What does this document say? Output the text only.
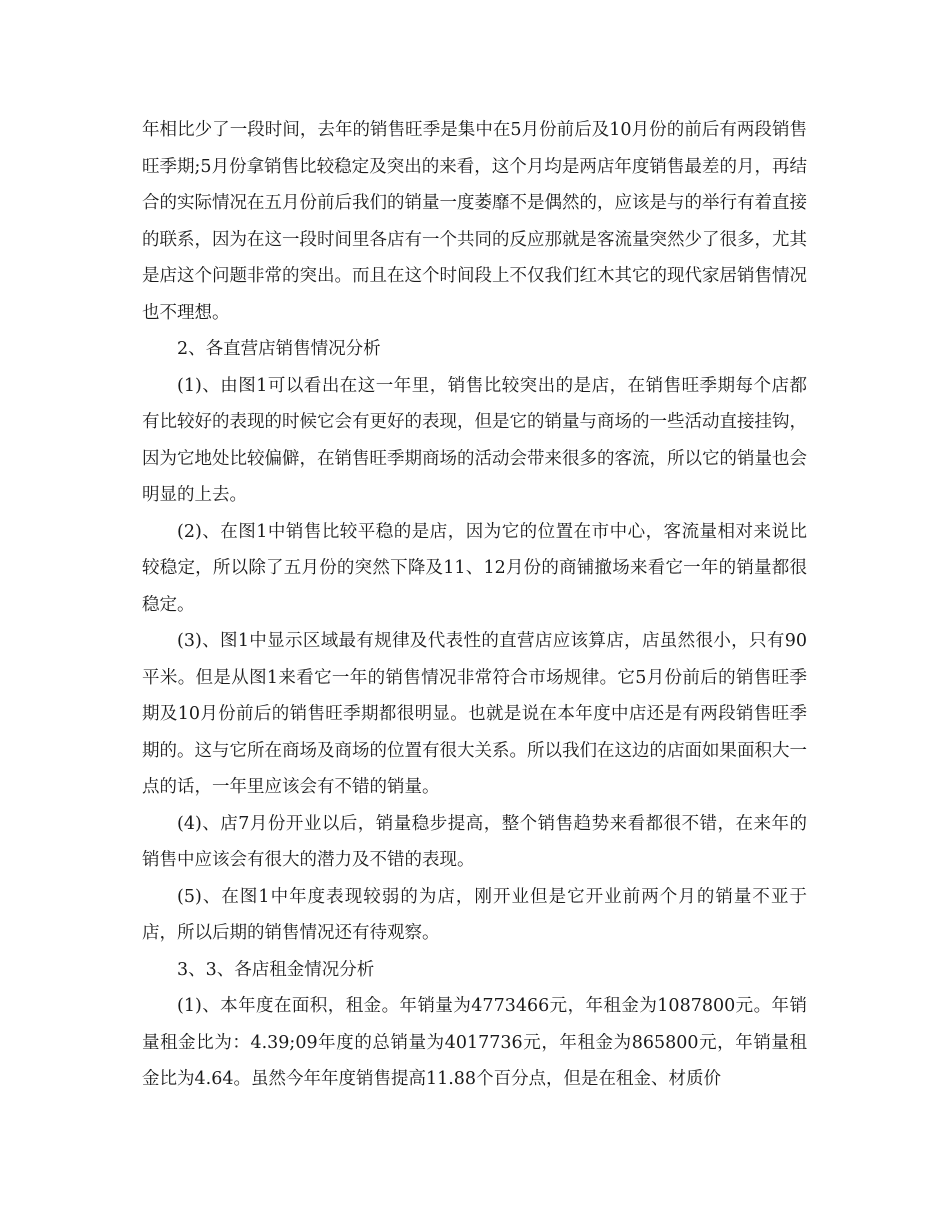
年相比少了一段时间，去年的销售旺季是集中在5月份前后及10月份的前后有两段销售旺季期;5月份拿销售比较稳定及突出的来看，这个月均是两店年度销售最差的月，再结合的实际情况在五月份前后我们的销量一度萎靡不是偶然的，应该是与的举行有着直接的联系，因为在这一段时间里各店有一个共同的反应那就是客流量突然少了很多，尤其是店这个问题非常的突出。而且在这个时间段上不仅我们红木其它的现代家居销售情况也不理想。

2、各直营店销售情况分析

(1)、由图1可以看出在这一年里，销售比较突出的是店，在销售旺季期每个店都有比较好的表现的时候它会有更好的表现，但是它的销量与商场的一些活动直接挂钩，因为它地处比较偏僻，在销售旺季期商场的活动会带来很多的客流，所以它的销量也会明显的上去。

(2)、在图1中销售比较平稳的是店，因为它的位置在市中心，客流量相对来说比较稳定，所以除了五月份的突然下降及11、12月份的商铺撤场来看它一年的销量都很稳定。

(3)、图1中显示区域最有规律及代表性的直营店应该算店，店虽然很小，只有90平米。但是从图1来看它一年的销售情况非常符合市场规律。它5月份前后的销售旺季期及10月份前后的销售旺季期都很明显。也就是说在本年度中店还是有两段销售旺季期的。这与它所在商场及商场的位置有很大关系。所以我们在这边的店面如果面积大一点的话，一年里应该会有不错的销量。

(4)、店7月份开业以后，销量稳步提高，整个销售趋势来看都很不错，在来年的销售中应该会有很大的潜力及不错的表现。

(5)、在图1中年度表现较弱的为店，刚开业但是它开业前两个月的销量不亚于店，所以后期的销售情况还有待观察。

3、3、各店租金情况分析

(1)、本年度在面积，租金。年销量为4773466元，年租金为1087800元。年销量租金比为：4.39;09年度的总销量为4017736元，年租金为865800元，年销量租金比为4.64。虽然今年年度销售提高11.88个百分点，但是在租金、材质价
